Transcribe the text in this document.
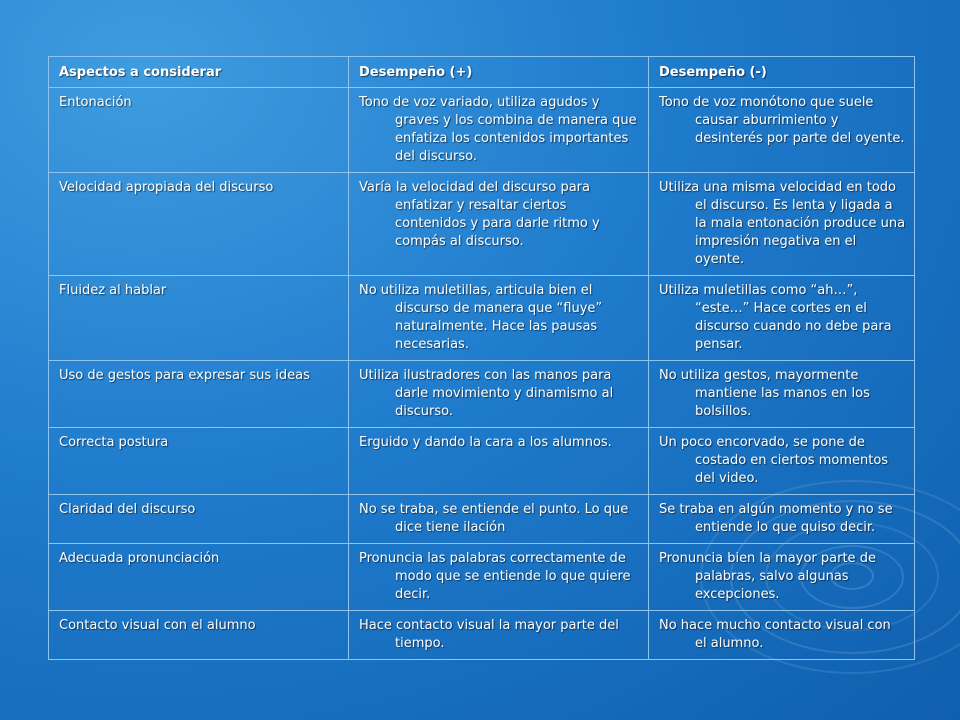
Aspectos a considerar	Desempeño (+)	Desempeño (-)
Entonación	Tono de voz variado, utiliza agudos y graves y los combina de manera que enfatiza los contenidos importantes del discurso.	Tono de voz monótono que suele causar aburrimiento y desinterés por parte del oyente.

Velocidad apropiada del discurso	Varía la velocidad del discurso para enfatizar y resaltar ciertos contenidos y para darle ritmo y compás al discurso.	Utiliza una misma velocidad en todo el discurso. Es lenta y ligada a la mala entonación produce una impresión negativa en el oyente.

Fluidez al hablar	No utiliza muletillas, articula bien el discurso de manera que “fluye” naturalmente. Hace las pausas necesarias.	Utiliza muletillas como “ah…”, “este…” Hace cortes en el discurso cuando no debe para pensar.

Uso de gestos para expresar sus ideas	Utiliza ilustradores con las manos para darle movimiento y dinamismo al discurso.	No utiliza gestos, mayormente mantiene las manos en los bolsillos.

Correcta postura	Erguido y dando la cara a los alumnos.	Un poco encorvado, se pone de costado en ciertos momentos del video.

Claridad del discurso	No se traba, se entiende el punto. Lo que dice tiene ilación	Se traba en algún momento y no se entiende lo que quiso decir.

Adecuada pronunciación	Pronuncia las palabras correctamente de modo que se entiende lo que quiere decir.	Pronuncia bien la mayor parte de palabras, salvo algunas excepciones.

Contacto visual con el alumno	Hace contacto visual la mayor parte del tiempo.	No hace mucho contacto visual con el alumno.
